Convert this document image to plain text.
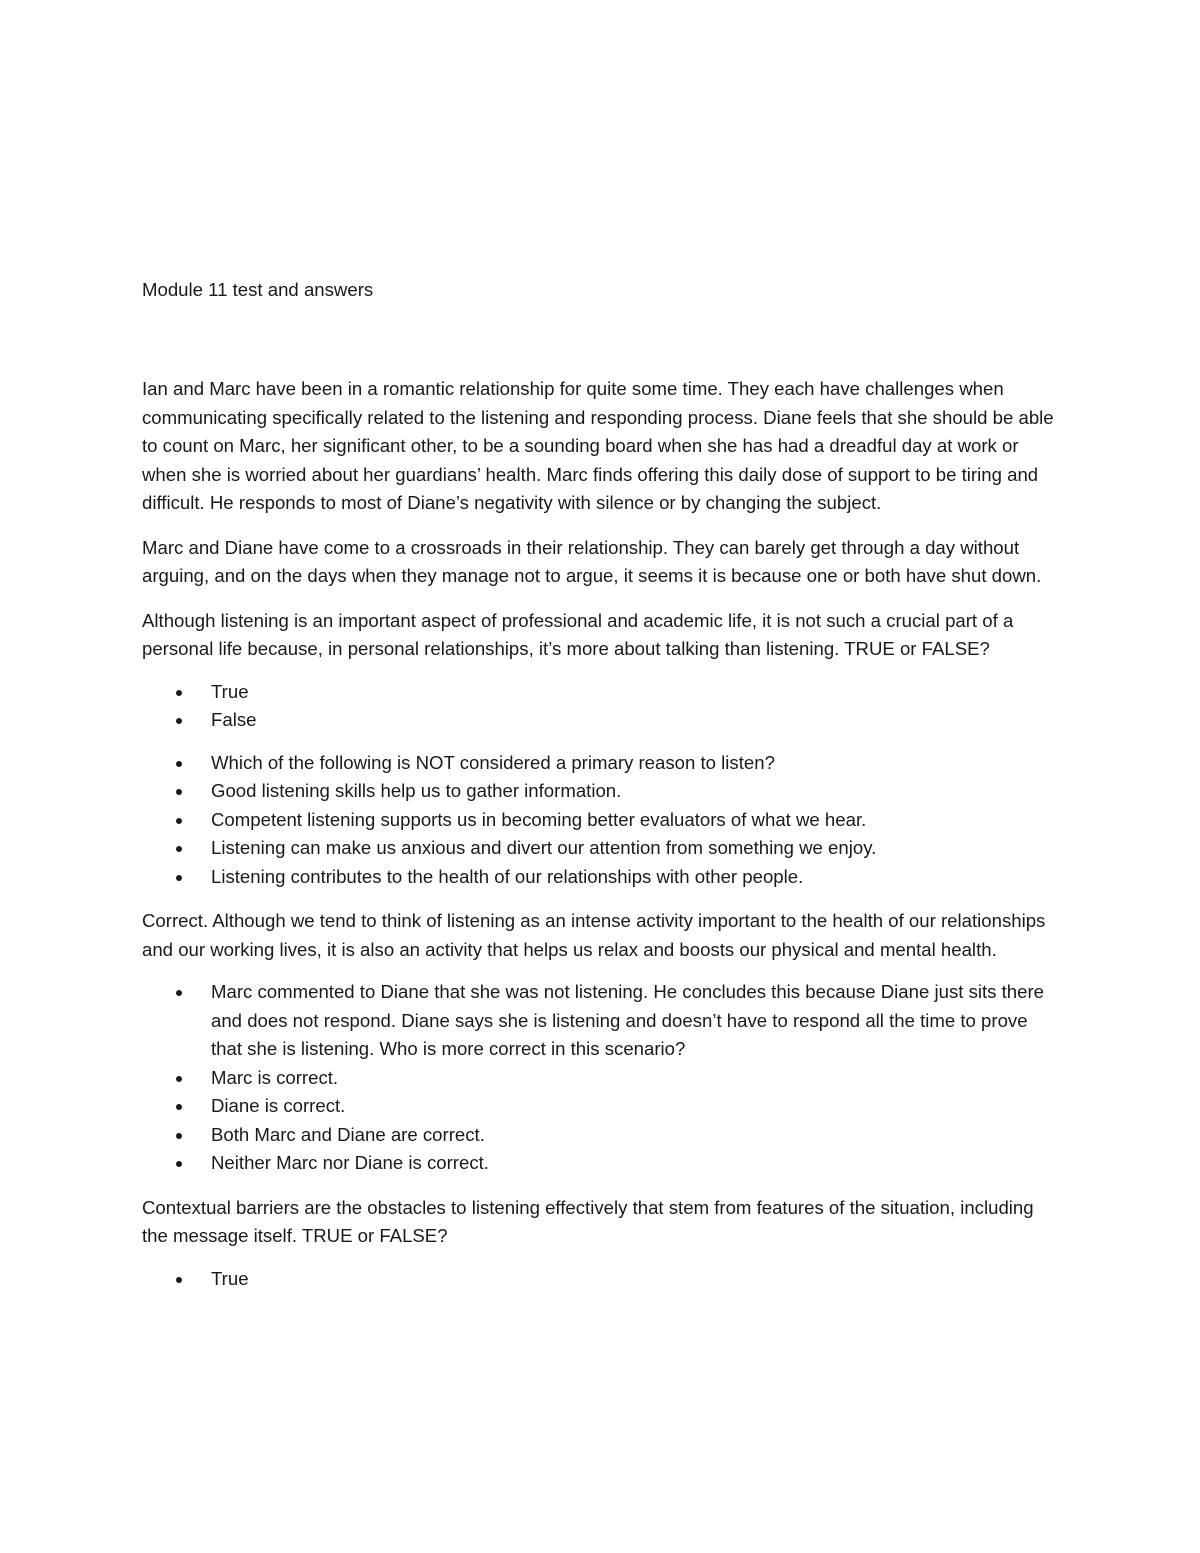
Module 11 test and answers

Ian and Marc have been in a romantic relationship for quite some time. They each have challenges when communicating specifically related to the listening and responding process. Diane feels that she should be able to count on Marc, her significant other, to be a sounding board when she has had a dreadful day at work or when she is worried about her guardians’ health. Marc finds offering this daily dose of support to be tiring and difficult. He responds to most of Diane’s negativity with silence or by changing the subject.

Marc and Diane have come to a crossroads in their relationship. They can barely get through a day without arguing, and on the days when they manage not to argue, it seems it is because one or both have shut down.

Although listening is an important aspect of professional and academic life, it is not such a crucial part of a personal life because, in personal relationships, it’s more about talking than listening. TRUE or FALSE?

True
False
Which of the following is NOT considered a primary reason to listen?
Good listening skills help us to gather information.
Competent listening supports us in becoming better evaluators of what we hear.
Listening can make us anxious and divert our attention from something we enjoy.
Listening contributes to the health of our relationships with other people.

Correct. Although we tend to think of listening as an intense activity important to the health of our relationships and our working lives, it is also an activity that helps us relax and boosts our physical and mental health.

Marc commented to Diane that she was not listening. He concludes this because Diane just sits there and does not respond. Diane says she is listening and doesn’t have to respond all the time to prove that she is listening. Who is more correct in this scenario?
Marc is correct.
Diane is correct.
Both Marc and Diane are correct.
Neither Marc nor Diane is correct.

Contextual barriers are the obstacles to listening effectively that stem from features of the situation, including the message itself. TRUE or FALSE?

True
